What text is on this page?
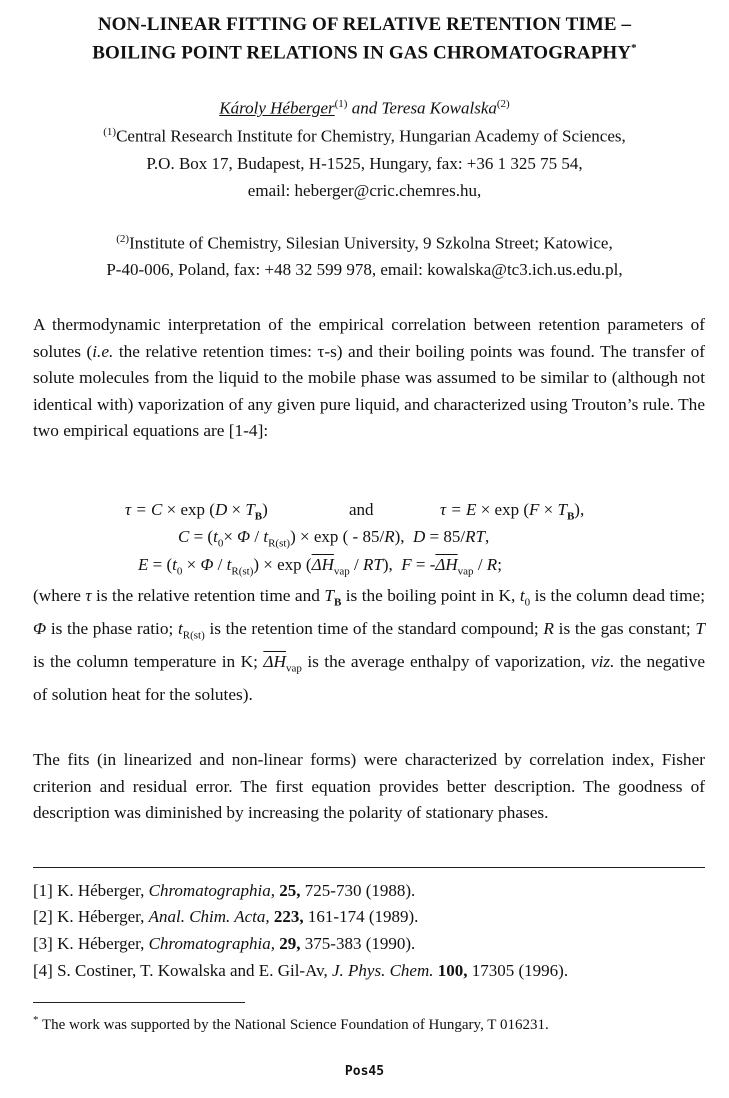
NON-LINEAR FITTING OF RELATIVE RETENTION TIME –
BOILING POINT RELATIONS IN GAS CHROMATOGRAPHY*
Károly Héberger$^{(1)}$ and Teresa Kowalska$^{(2)}$
$^{(1)}$Central Research Institute for Chemistry, Hungarian Academy of Sciences,
P.O. Box 17, Budapest, H-1525, Hungary, fax: +36 1 325 75 54,
email: heberger@cric.chemres.hu,
$^{(2)}$Institute of Chemistry, Silesian University, 9 Szkolna Street; Katowice,
P-40-006, Poland, fax: +48 32 599 978, email: kowalska@tc3.ich.us.edu.pl,
A thermodynamic interpretation of the empirical correlation between retention parameters of solutes (i.e. the relative retention times: τ-s) and their boiling points was found. The transfer of solute molecules from the liquid to the mobile phase was assumed to be similar to (although not identical with) vaporization of any given pure liquid, and characterized using Trouton’s rule. The two empirical equations are [1-4]:
$\tau = C \times \exp (D \times T_B)$	and	$\tau = E \times \exp (F \times T_B)$,
$C = (t_0\times \Phi / t_{R(st)}) \times \exp$ ( - 85/R),  D = 85/RT,
$E = (t_0 \times \Phi / t_{R(st)}) \times \exp (\overline{\Delta H}_{vap} / RT)$,  $F = -\overline{\Delta H}_{vap} / R$;
(where τ is the relative retention time and $T_B$ is the boiling point in K, $t_0$ is the column dead time; Φ is the phase ratio; $t_{R(st)}$ is the retention time of the standard compound; R is the gas constant; T is the column temperature in K; $\overline{\Delta H}_{vap}$ is the average enthalpy of vaporization, viz. the negative of solution heat for the solutes).
The fits (in linearized and non-linear forms) were characterized by correlation index, Fisher criterion and residual error. The first equation provides better description. The goodness of description was diminished by increasing the polarity of stationary phases.
[1] K. Héberger, Chromatographia, 25, 725-730 (1988).
[2] K. Héberger, Anal. Chim. Acta, 223, 161-174 (1989).
[3] K. Héberger, Chromatographia, 29, 375-383 (1990).
[4] S. Costiner, T. Kowalska and E. Gil-Av, J. Phys. Chem. 100, 17305 (1996).
* The work was supported by the National Science Foundation of Hungary, T 016231.
Pos45
